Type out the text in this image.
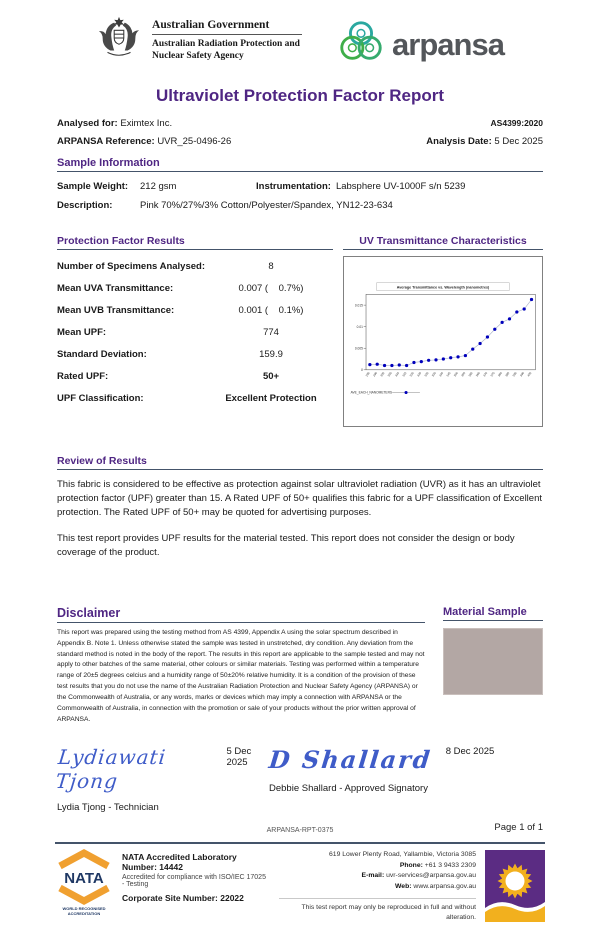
Australian Government
Australian Radiation Protection and Nuclear Safety Agency	arpansa
Ultraviolet Protection Factor Report
Analysed for: Eximtex Inc.	AS4399:2020
ARPANSA Reference: UVR_25-0496-26	Analysis Date: 5 Dec 2025
Sample Information
Sample Weight:	212 gsm	Instrumentation: Labsphere UV-1000F s/n 5239
Description:	Pink 70%/27%/3% Cotton/Polyester/Spandex, YN12-23-634
Protection Factor Results
Number of Specimens Analysed:	8
Mean UVA Transmittance:	0.007 (    0.7%)
Mean UVB Transmittance:	0.001 (    0.1%)
Mean UPF:	774
Standard Deviation:	159.9
Rated UPF:	50+
UPF Classification:	Excellent Protection
UV Transmittance Characteristics
Average Transmittance vs. Wavelength (nanometres)
0
0.005
0.01
0.015
290 295 300 305 310 315 320 325 330 335 340 345 350 355 360 365 370 375 380 385 390 395 400
AVE_EACH_NANOMETERS
Review of Results

This fabric is considered to be effective as protection against solar ultraviolet radiation (UVR) as it has an ultraviolet protection factor (UPF) greater than 15. A Rated UPF of 50+ qualifies this fabric for a UPF classification of Excellent protection. The Rated UPF of 50+ may be quoted for advertising purposes.

This test report provides UPF results for the material tested. This report does not consider the design or body coverage of the product.

Disclaimer
This report was prepared using the testing method from AS 4399, Appendix A using the solar spectrum described in Appendix B. Note 1. Unless otherwise stated the sample was tested in unstretched, dry condition. Any deviation from the standard method is noted in the body of the report. The results in this report are applicable to the sample tested and may not apply to other batches of the same material, other colours or similar materials. Testing was performed within a temperature range of 20±5 degrees celcius and a humidity range of 50±20% relative humidity. It is a condition of the provision of these test results that you do not use the name of the Australian Radiation Protection and Nuclear Safety Agency (ARPANSA) or the Commonwealth of Australia, or any words, marks or devices which may imply a connection with ARPANSA or the Commonwealth of Australia, in connection with the promotion or sale of your products without the prior written approval of ARPANSA.
Material Sample
Lydiawati Tjong
5 Dec 2025
Lydia Tjong - Technician
D Shallard 8 Dec 2025
Debbie Shallard - Approved Signatory
ARPANSA-RPT-0375	Page 1 of 1
NATA
WORLD RECOGNISED
ACCREDITATION
NATA Accredited Laboratory Number: 14442
Accredited for compliance with ISO/IEC 17025 - Testing
Corporate Site Number: 22022
619 Lower Plenty Road, Yallambie, Victoria 3085
Phone: +61 3 9433 2309
E-mail: uvr-services@arpansa.gov.au
Web: www.arpansa.gov.au
This test report may only be reproduced in full and without alteration.
